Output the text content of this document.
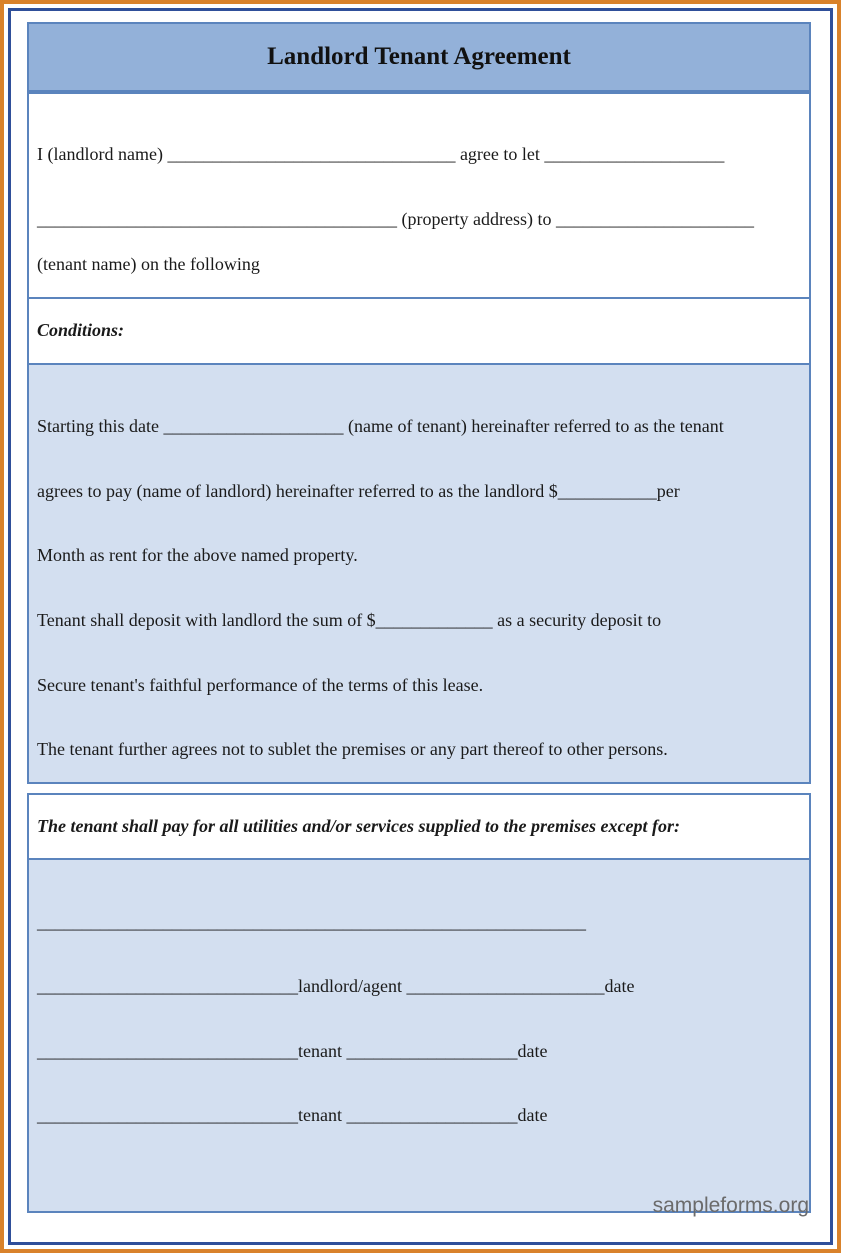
Landlord Tenant Agreement
I (landlord name) ________________________________ agree to let ____________________
________________________________________ (property address) to ______________________
(tenant name) on the following
Conditions:
Starting this date ____________________ (name of tenant) hereinafter referred to as the tenant
agrees to pay (name of landlord) hereinafter referred to as the landlord $___________per
Month as rent for the above named property.
Tenant shall deposit with landlord the sum of $_____________ as a security deposit to
Secure tenant's faithful performance of the terms of this lease.
The tenant further agrees not to sublet the premises or any part thereof to other persons.
The tenant shall pay for all utilities and/or services supplied to the premises except for:
_____________________________________________________________
_____________________________landlord/agent ______________________date
_____________________________tenant ___________________date
_____________________________tenant ___________________date
sampleforms.org
